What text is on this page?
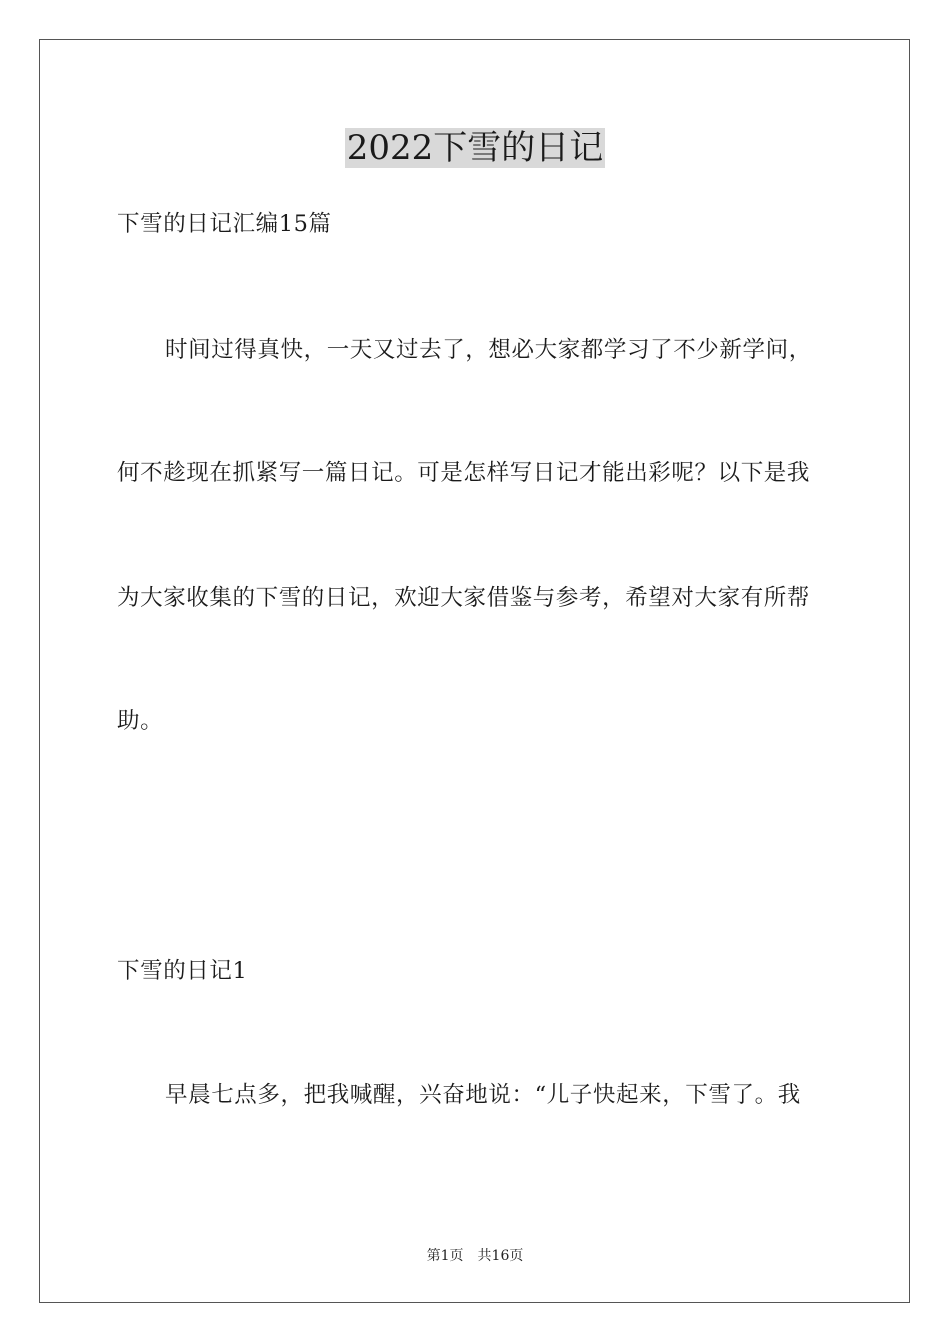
2022下雪的日记
下雪的日记汇编15篇
时间过得真快，一天又过去了，想必大家都学习了不少新学问，
何不趁现在抓紧写一篇日记。可是怎样写日记才能出彩呢？以下是我
为大家收集的下雪的日记，欢迎大家借鉴与参考，希望对大家有所帮
助。
下雪的日记1
早晨七点多，把我喊醒，兴奋地说：“儿子快起来，下雪了。我
第1页 共16页
